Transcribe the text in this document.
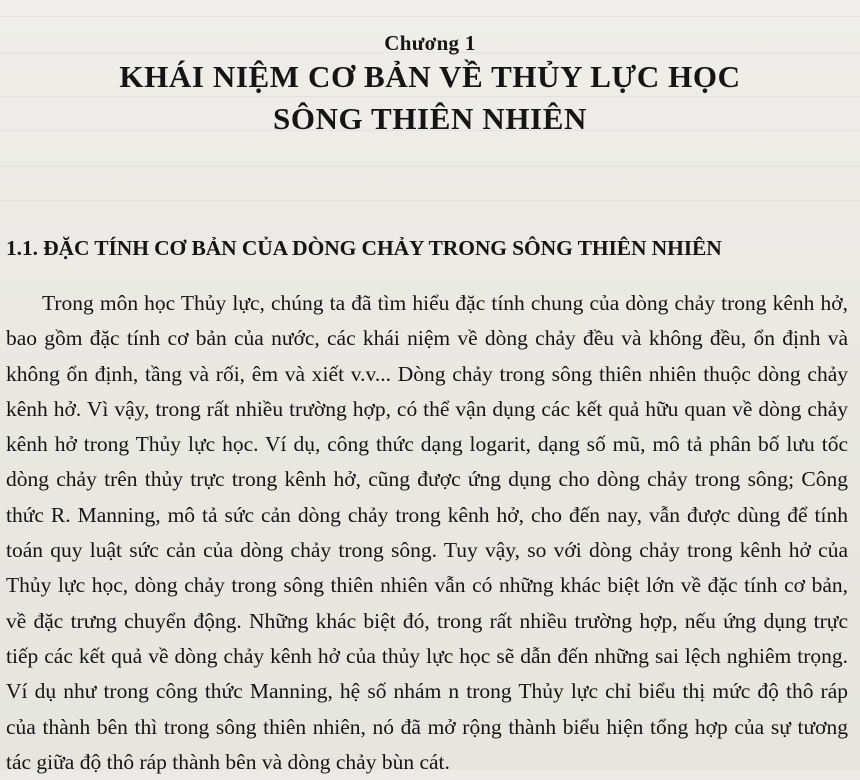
Chương 1
KHÁI NIỆM CƠ BẢN VỀ THỦY LỰC HỌC
SÔNG THIÊN NHIÊN
1.1. ĐẶC TÍNH CƠ BẢN CỦA DÒNG CHẢY TRONG SÔNG THIÊN NHIÊN

Trong môn học Thủy lực, chúng ta đã tìm hiểu đặc tính chung của dòng chảy trong kênh hở, bao gồm đặc tính cơ bản của nước, các khái niệm về dòng chảy đều và không đều, ổn định và không ổn định, tầng và rối, êm và xiết v.v... Dòng chảy trong sông thiên nhiên thuộc dòng chảy kênh hở. Vì vậy, trong rất nhiều trường hợp, có thể vận dụng các kết quả hữu quan về dòng chảy kênh hở trong Thủy lực học. Ví dụ, công thức dạng logarit, dạng số mũ, mô tả phân bố lưu tốc dòng chảy trên thủy trực trong kênh hở, cũng được ứng dụng cho dòng chảy trong sông; Công thức R. Manning, mô tả sức cản dòng chảy trong kênh hở, cho đến nay, vẫn được dùng để tính toán quy luật sức cản của dòng chảy trong sông. Tuy vậy, so với dòng chảy trong kênh hở của Thủy lực học, dòng chảy trong sông thiên nhiên vẫn có những khác biệt lớn về đặc tính cơ bản, về đặc trưng chuyển động. Những khác biệt đó, trong rất nhiều trường hợp, nếu ứng dụng trực tiếp các kết quả về dòng chảy kênh hở của thủy lực học sẽ dẫn đến những sai lệch nghiêm trọng. Ví dụ như trong công thức Manning, hệ số nhám n trong Thủy lực chỉ biểu thị mức độ thô ráp của thành bên thì trong sông thiên nhiên, nó đã mở rộng thành biểu hiện tổng hợp của sự tương tác giữa độ thô ráp thành bên và dòng chảy bùn cát.
